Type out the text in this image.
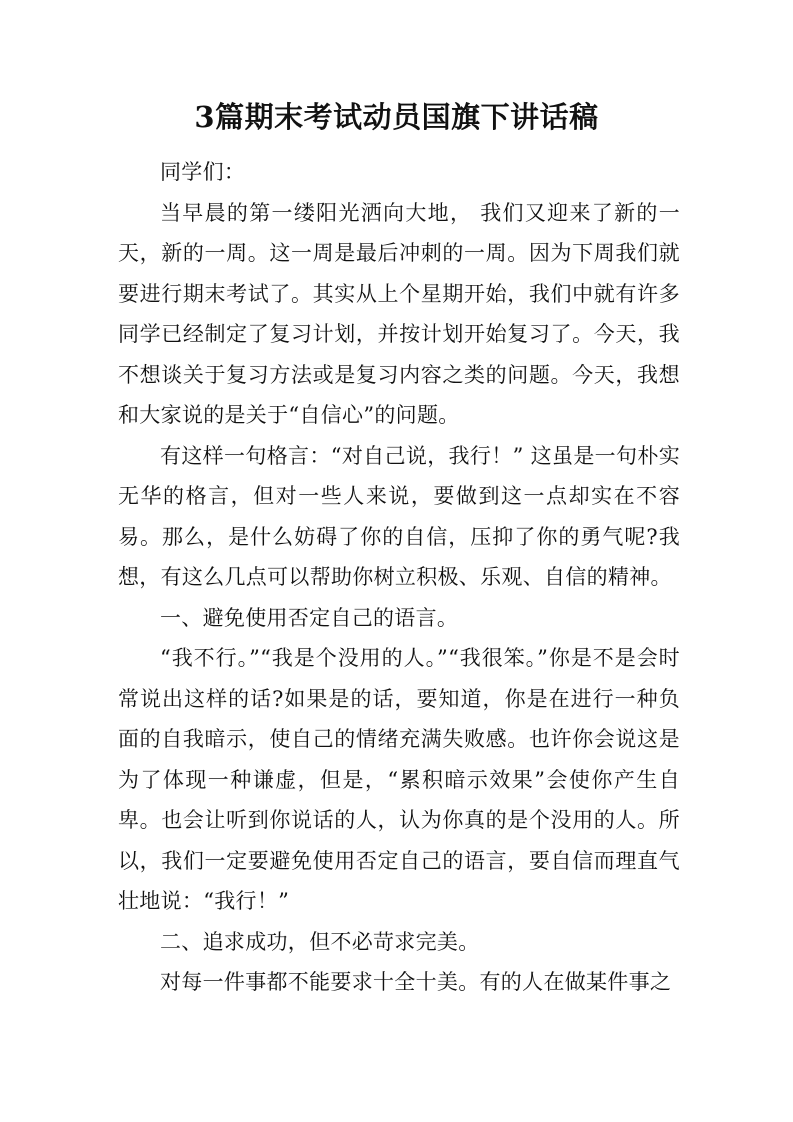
3篇期末考试动员国旗下讲话稿

同学们：

当早晨的第一缕阳光洒向大地， 我们又迎来了新的一天，新的一周。这一周是最后冲刺的一周。因为下周我们就要进行期末考试了。其实从上个星期开始，我们中就有许多同学已经制定了复习计划，并按计划开始复习了。今天，我不想谈关于复习方法或是复习内容之类的问题。今天，我想和大家说的是关于“自信心”的问题。

有这样一句格言：“对自己说，我行！” 这虽是一句朴实无华的格言，但对一些人来说，要做到这一点却实在不容易。那么，是什么妨碍了你的自信，压抑了你的勇气呢?我想，有这么几点可以帮助你树立积极、乐观、自信的精神。

一、避免使用否定自己的语言。

“我不行。”“我是个没用的人。”“我很笨。”你是不是会时常说出这样的话?如果是的话，要知道，你是在进行一种负面的自我暗示，使自己的情绪充满失败感。也许你会说这是为了体现一种谦虚，但是，“累积暗示效果”会使你产生自卑。也会让听到你说话的人，认为你真的是个没用的人。所以，我们一定要避免使用否定自己的语言，要自信而理直气壮地说：“我行！”

二、追求成功，但不必苛求完美。

对每一件事都不能要求十全十美。有的人在做某件事之
